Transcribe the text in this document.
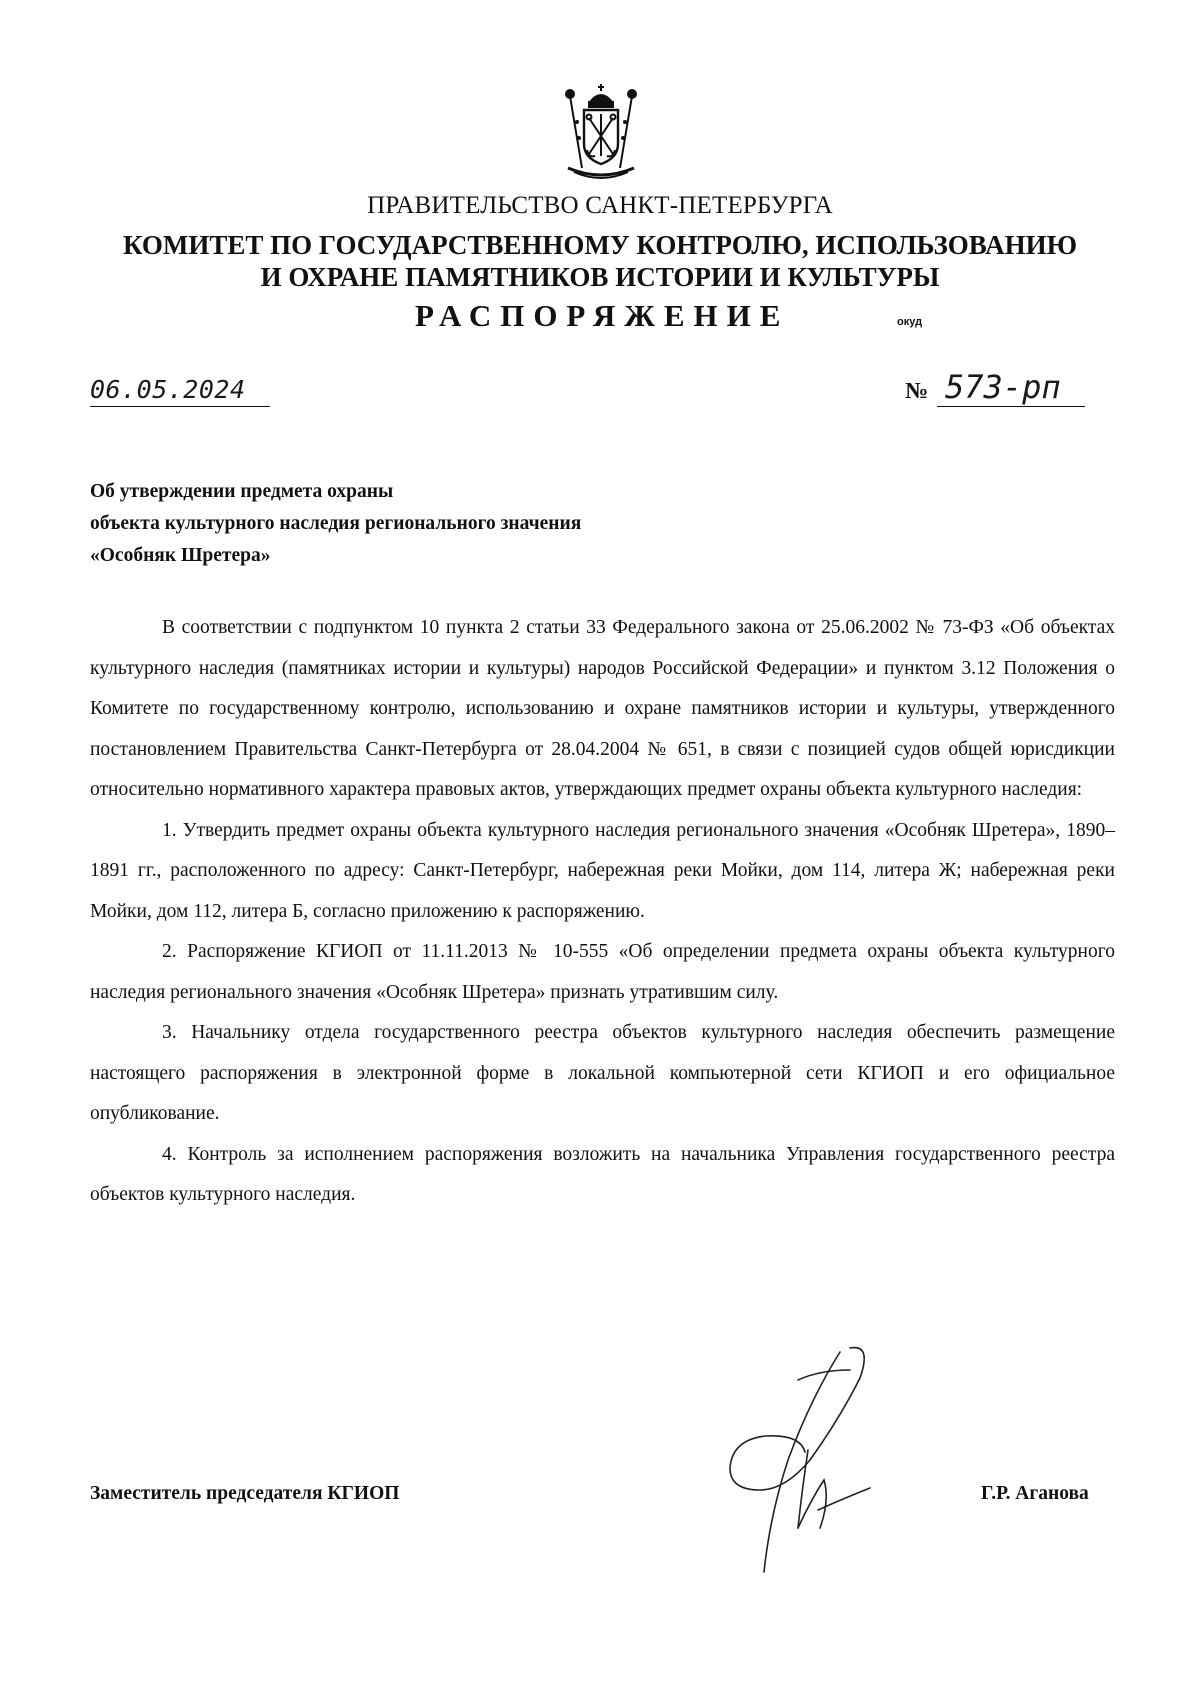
ПРАВИТЕЛЬСТВО САНКТ-ПЕТЕРБУРГА
КОМИТЕТ ПО ГОСУДАРСТВЕННОМУ КОНТРОЛЮ, ИСПОЛЬЗОВАНИЮ
И ОХРАНЕ ПАМЯТНИКОВ ИСТОРИИ И КУЛЬТУРЫ
РАСПОРЯЖЕНИЕ	окуд
06.05.2024	№ 573-рп
Об утверждении предмета охраны
объекта культурного наследия регионального значения
«Особняк Шретера»

В соответствии с подпунктом 10 пункта 2 статьи 33 Федерального закона от 25.06.2002 № 73-ФЗ «Об объектах культурного наследия (памятниках истории и культуры) народов Российской Федерации» и пунктом 3.12 Положения о Комитете по государственному контролю, использованию и охране памятников истории и культуры, утвержденного постановлением Правительства Санкт-Петербурга от 28.04.2004 № 651, в связи с позицией судов общей юрисдикции относительно нормативного характера правовых актов, утверждающих предмет охраны объекта культурного наследия:

1. Утвердить предмет охраны объекта культурного наследия регионального значения «Особняк Шретера», 1890–1891 гг., расположенного по адресу: Санкт-Петербург, набережная реки Мойки, дом 114, литера Ж; набережная реки Мойки, дом 112, литера Б, согласно приложению к распоряжению.

2. Распоряжение КГИОП от 11.11.2013 № 10-555 «Об определении предмета охраны объекта культурного наследия регионального значения «Особняк Шретера» признать утратившим силу.

3. Начальнику отдела государственного реестра объектов культурного наследия обеспечить размещение настоящего распоряжения в электронной форме в локальной компьютерной сети КГИОП и его официальное опубликование.

4. Контроль за исполнением распоряжения возложить на начальника Управления государственного реестра объектов культурного наследия.

Заместитель председателя КГИОП	Г.Р. Аганова
